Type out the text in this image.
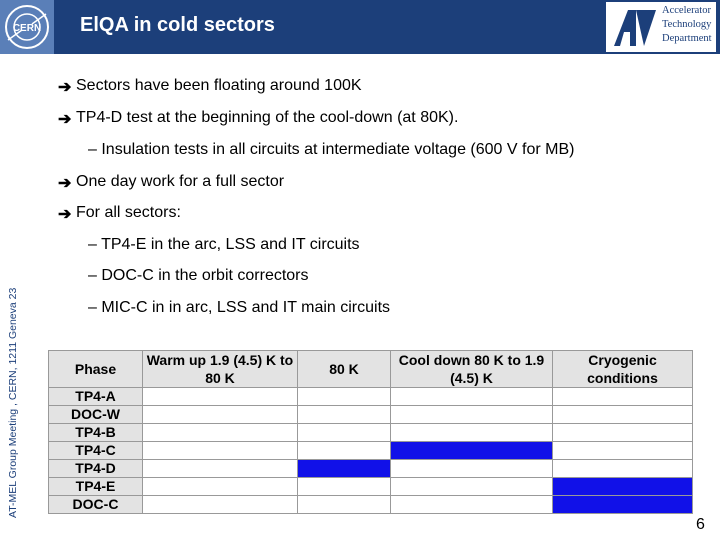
CERN ElQA in cold sectors
Accelerator
Technology
Department
AT-MEL Group Meeting , CERN, 1211 Geneva 23
➔ Sectors have been floating around 100K
➔ TP4-D test at the beginning of the cool-down (at 80K).
– Insulation tests in all circuits at intermediate voltage (600 V for MB)
➔ One day work for a full sector
➔ For all sectors:
– TP4-E in the arc, LSS and IT circuits
– DOC-C in the orbit correctors
– MIC-C in in arc, LSS and IT main circuits
Phase	Warm up 1.9 (4.5) K to 80 K	80 K	Cool down 80 K to 1.9 (4.5) K	Cryogenic conditions
TP4-A				
DOC-W				
TP4-B				
TP4-C				
TP4-D				
TP4-E				
DOC-C				
6
